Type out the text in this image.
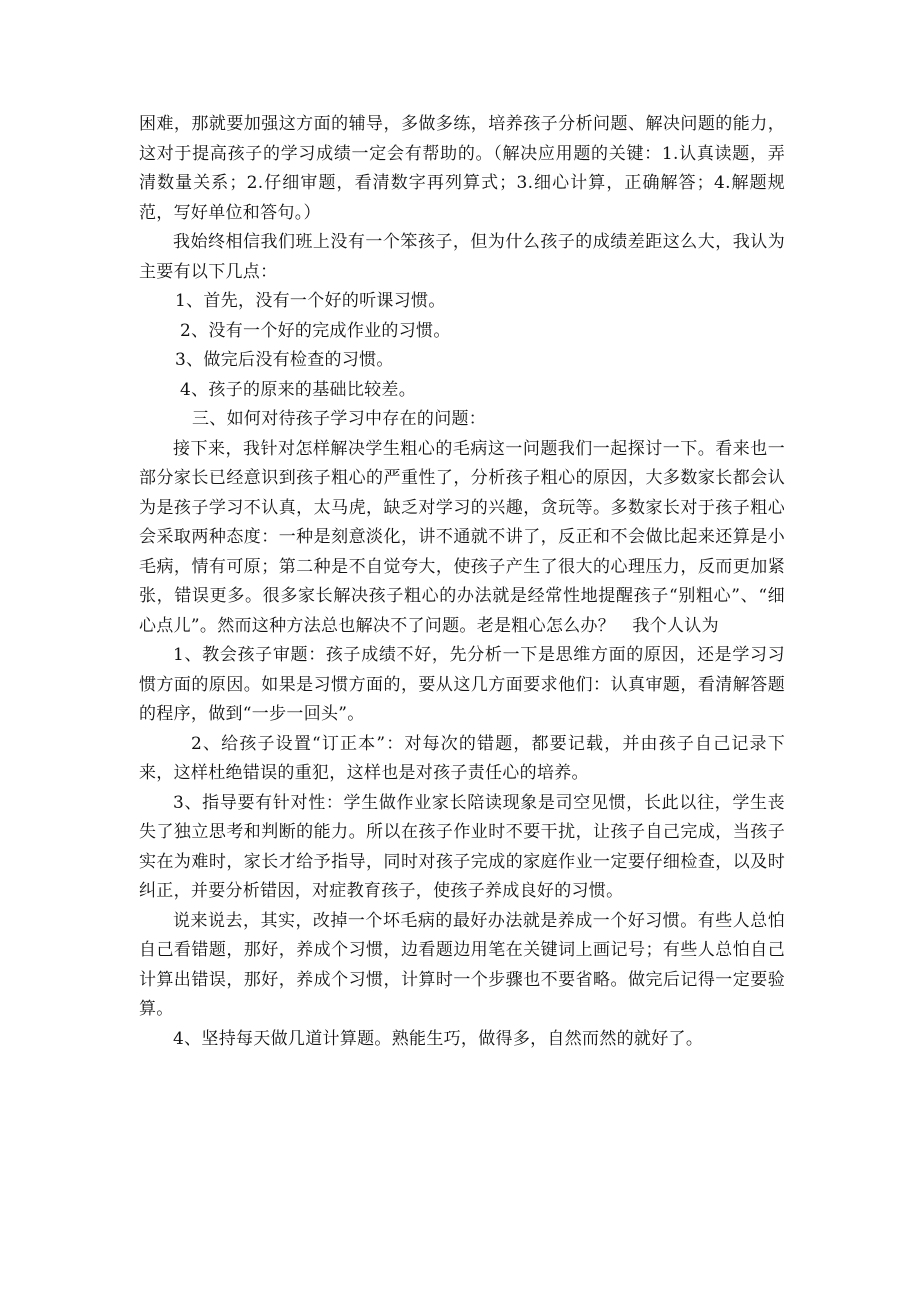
困难，那就要加强这方面的辅导，多做多练，培养孩子分析问题、解决问题的能力，这对于提高孩子的学习成绩一定会有帮助的。（解决应用题的关键：1.认真读题，弄清数量关系；2.仔细审题，看清数字再列算式；3.细心计算，正确解答；4.解题规范，写好单位和答句。）

我始终相信我们班上没有一个笨孩子，但为什么孩子的成绩差距这么大，我认为主要有以下几点：

1、首先，没有一个好的听课习惯。

2、没有一个好的完成作业的习惯。

3、做完后没有检查的习惯。

4、孩子的原来的基础比较差。

三、如何对待孩子学习中存在的问题：

接下来，我针对怎样解决学生粗心的毛病这一问题我们一起探讨一下。看来也一部分家长已经意识到孩子粗心的严重性了，分析孩子粗心的原因，大多数家长都会认为是孩子学习不认真，太马虎，缺乏对学习的兴趣，贪玩等。多数家长对于孩子粗心会采取两种态度：一种是刻意淡化，讲不通就不讲了，反正和不会做比起来还算是小毛病，情有可原；第二种是不自觉夸大，使孩子产生了很大的心理压力，反而更加紧张，错误更多。很多家长解决孩子粗心的办法就是经常性地提醒孩子“别粗心”、“细心点儿”。然而这种方法总也解决不了问题。老是粗心怎么办？　我个人认为

1、教会孩子审题：孩子成绩不好，先分析一下是思维方面的原因，还是学习习惯方面的原因。如果是习惯方面的，要从这几方面要求他们：认真审题，看清解答题的程序，做到“一步一回头”。

2、给孩子设置“订正本”：对每次的错题，都要记载，并由孩子自己记录下来，这样杜绝错误的重犯，这样也是对孩子责任心的培养。

3、指导要有针对性：学生做作业家长陪读现象是司空见惯，长此以往，学生丧失了独立思考和判断的能力。所以在孩子作业时不要干扰，让孩子自己完成，当孩子实在为难时，家长才给予指导，同时对孩子完成的家庭作业一定要仔细检查，以及时纠正，并要分析错因，对症教育孩子，使孩子养成良好的习惯。

说来说去，其实，改掉一个坏毛病的最好办法就是养成一个好习惯。有些人总怕自己看错题，那好，养成个习惯，边看题边用笔在关键词上画记号；有些人总怕自己计算出错误，那好，养成个习惯，计算时一个步骤也不要省略。做完后记得一定要验算。

4、坚持每天做几道计算题。熟能生巧，做得多，自然而然的就好了。
